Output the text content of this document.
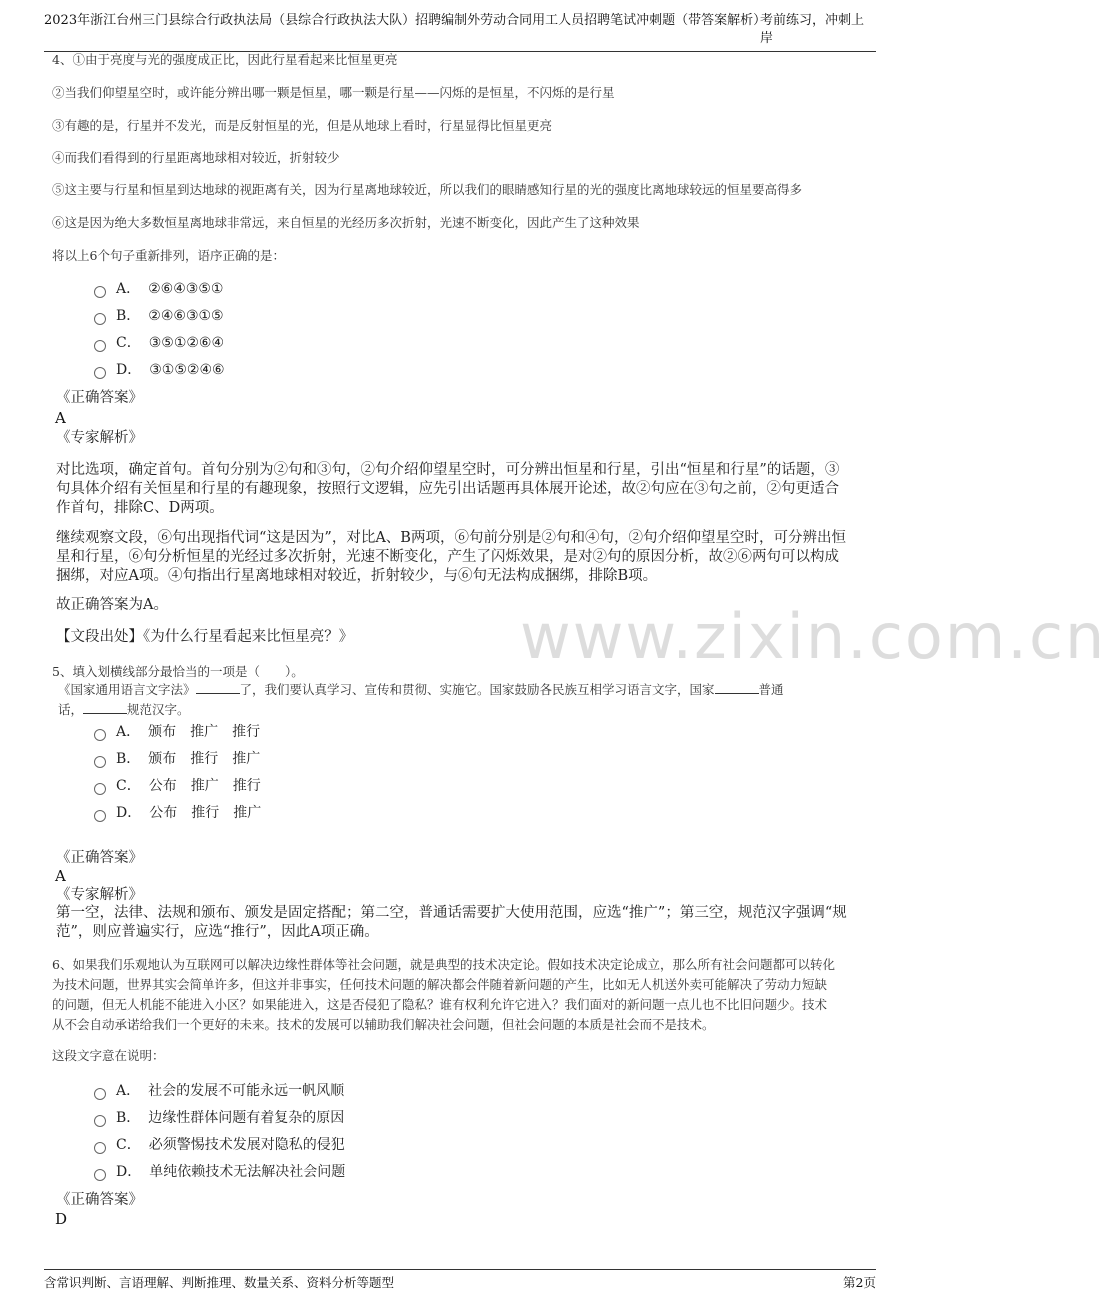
2023年浙江台州三门县综合行政执法局（县综合行政执法大队）招聘编制外劳动合同用工人员招聘笔试冲刺题（带答案解析）
考前练习，冲刺上岸
www.zixin.com.cn
4、①由于亮度与光的强度成正比，因此行星看起来比恒星更亮
②当我们仰望星空时，或许能分辨出哪一颗是恒星，哪一颗是行星——闪烁的是恒星，不闪烁的是行星
③有趣的是，行星并不发光，而是反射恒星的光，但是从地球上看时，行星显得比恒星更亮
④而我们看得到的行星距离地球相对较近，折射较少
⑤这主要与行星和恒星到达地球的视距离有关，因为行星离地球较近，所以我们的眼睛感知行星的光的强度比离地球较远的恒星要高得多
⑥这是因为绝大多数恒星离地球非常远，来自恒星的光经历多次折射，光速不断变化，因此产生了这种效果
将以上6个句子重新排列，语序正确的是：
A． ②⑥④③⑤①
B． ②④⑥③①⑤
C． ③⑤①②⑥④
D． ③①⑤②④⑥
《正确答案》
A
《专家解析》
对比选项，确定首句。首句分别为②句和③句，②句介绍仰望星空时，可分辨出恒星和行星，引出“恒星和行星”的话题，③
句具体介绍有关恒星和行星的有趣现象，按照行文逻辑，应先引出话题再具体展开论述，故②句应在③句之前，②句更适合
作首句，排除C、D两项。
继续观察文段，⑥句出现指代词“这是因为”，对比A、B两项，⑥句前分别是②句和④句，②句介绍仰望星空时，可分辨出恒
星和行星，⑥句分析恒星的光经过多次折射，光速不断变化，产生了闪烁效果，是对②句的原因分析，故②⑥两句可以构成
捆绑，对应A项。④句指出行星离地球相对较近，折射较少，与⑥句无法构成捆绑，排除B项。
故正确答案为A。
【文段出处】《为什么行星看起来比恒星亮？》
5、填入划横线部分最恰当的一项是（　　）。
《国家通用语言文字法》	了，我们要认真学习、宣传和贯彻、实施它。国家鼓励各民族互相学习语言文字，国家	普通
话，	规范汉字。
A． 颁布　推广　推行
B． 颁布　推行　推广
C． 公布　推广　推行
D． 公布　推行　推广
《正确答案》
A
《专家解析》
第一空，法律、法规和颁布、颁发是固定搭配；第二空，普通话需要扩大使用范围，应选“推广”；第三空，规范汉字强调“规
范”，则应普遍实行，应选“推行”，因此A项正确。
6、如果我们乐观地认为互联网可以解决边缘性群体等社会问题，就是典型的技术决定论。假如技术决定论成立，那么所有社会问题都可以转化
为技术问题，世界其实会简单许多，但这并非事实，任何技术问题的解决都会伴随着新问题的产生，比如无人机送外卖可能解决了劳动力短缺
的问题，但无人机能不能进入小区？如果能进入，这是否侵犯了隐私？谁有权利允许它进入？我们面对的新问题一点儿也不比旧问题少。技术
从不会自动承诺给我们一个更好的未来。技术的发展可以辅助我们解决社会问题，但社会问题的本质是社会而不是技术。
这段文字意在说明：
A． 社会的发展不可能永远一帆风顺
B． 边缘性群体问题有着复杂的原因
C． 必须警惕技术发展对隐私的侵犯
D． 单纯依赖技术无法解决社会问题
《正确答案》
D
含常识判断、言语理解、判断推理、数量关系、资料分析等题型	第2页
